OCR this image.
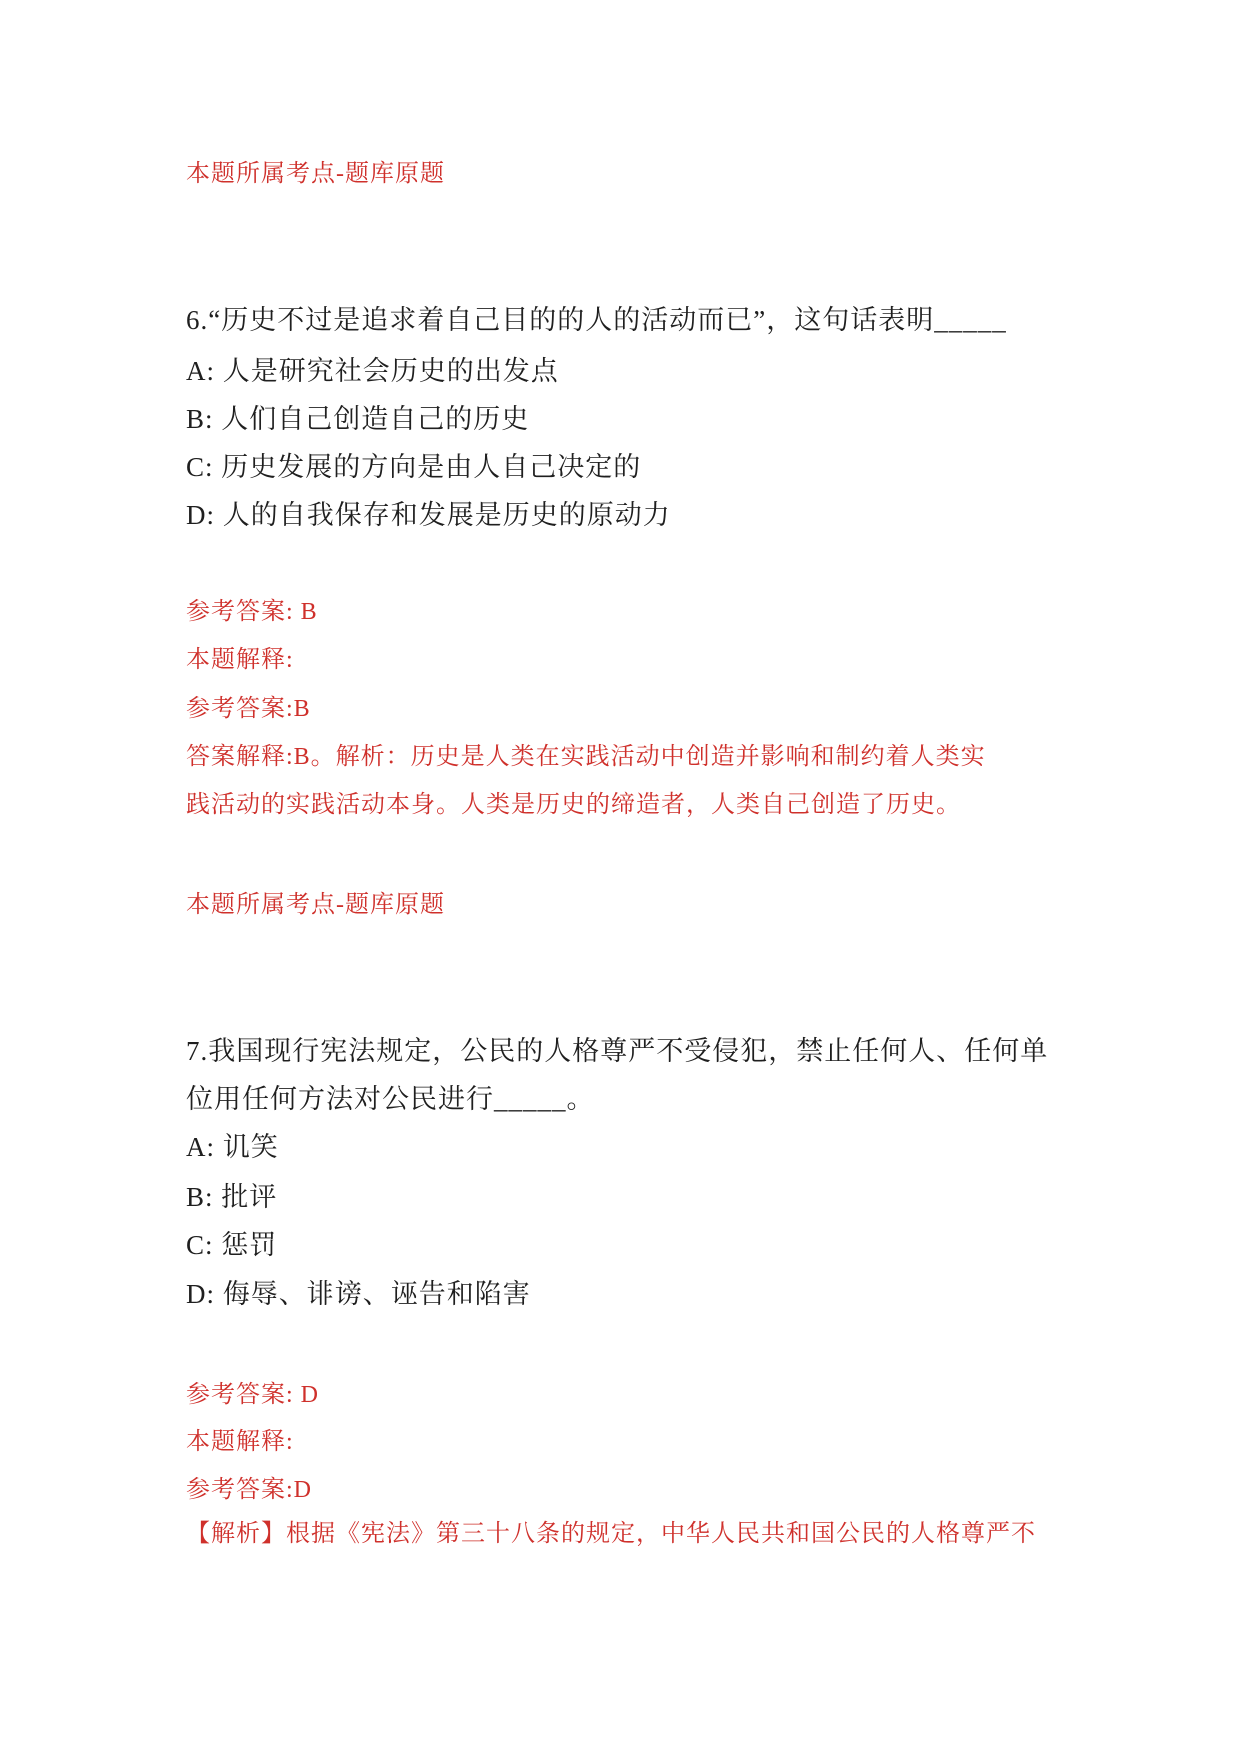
本题所属考点-题库原题
6.“历史不过是追求着自己目的的人的活动而已”，这句话表明_____
A: 人是研究社会历史的出发点
B: 人们自己创造自己的历史
C: 历史发展的方向是由人自己决定的
D: 人的自我保存和发展是历史的原动力
参考答案: B
本题解释:
参考答案:B
答案解释:B。解析：历史是人类在实践活动中创造并影响和制约着人类实践活动的实践活动本身。人类是历史的缔造者，人类自己创造了历史。
本题所属考点-题库原题
7.我国现行宪法规定，公民的人格尊严不受侵犯，禁止任何人、任何单位用任何方法对公民进行_____。
A: 讥笑
B: 批评
C: 惩罚
D: 侮辱、诽谤、诬告和陷害
参考答案: D
本题解释:
参考答案:D
【解析】根据《宪法》第三十八条的规定，中华人民共和国公民的人格尊严不
